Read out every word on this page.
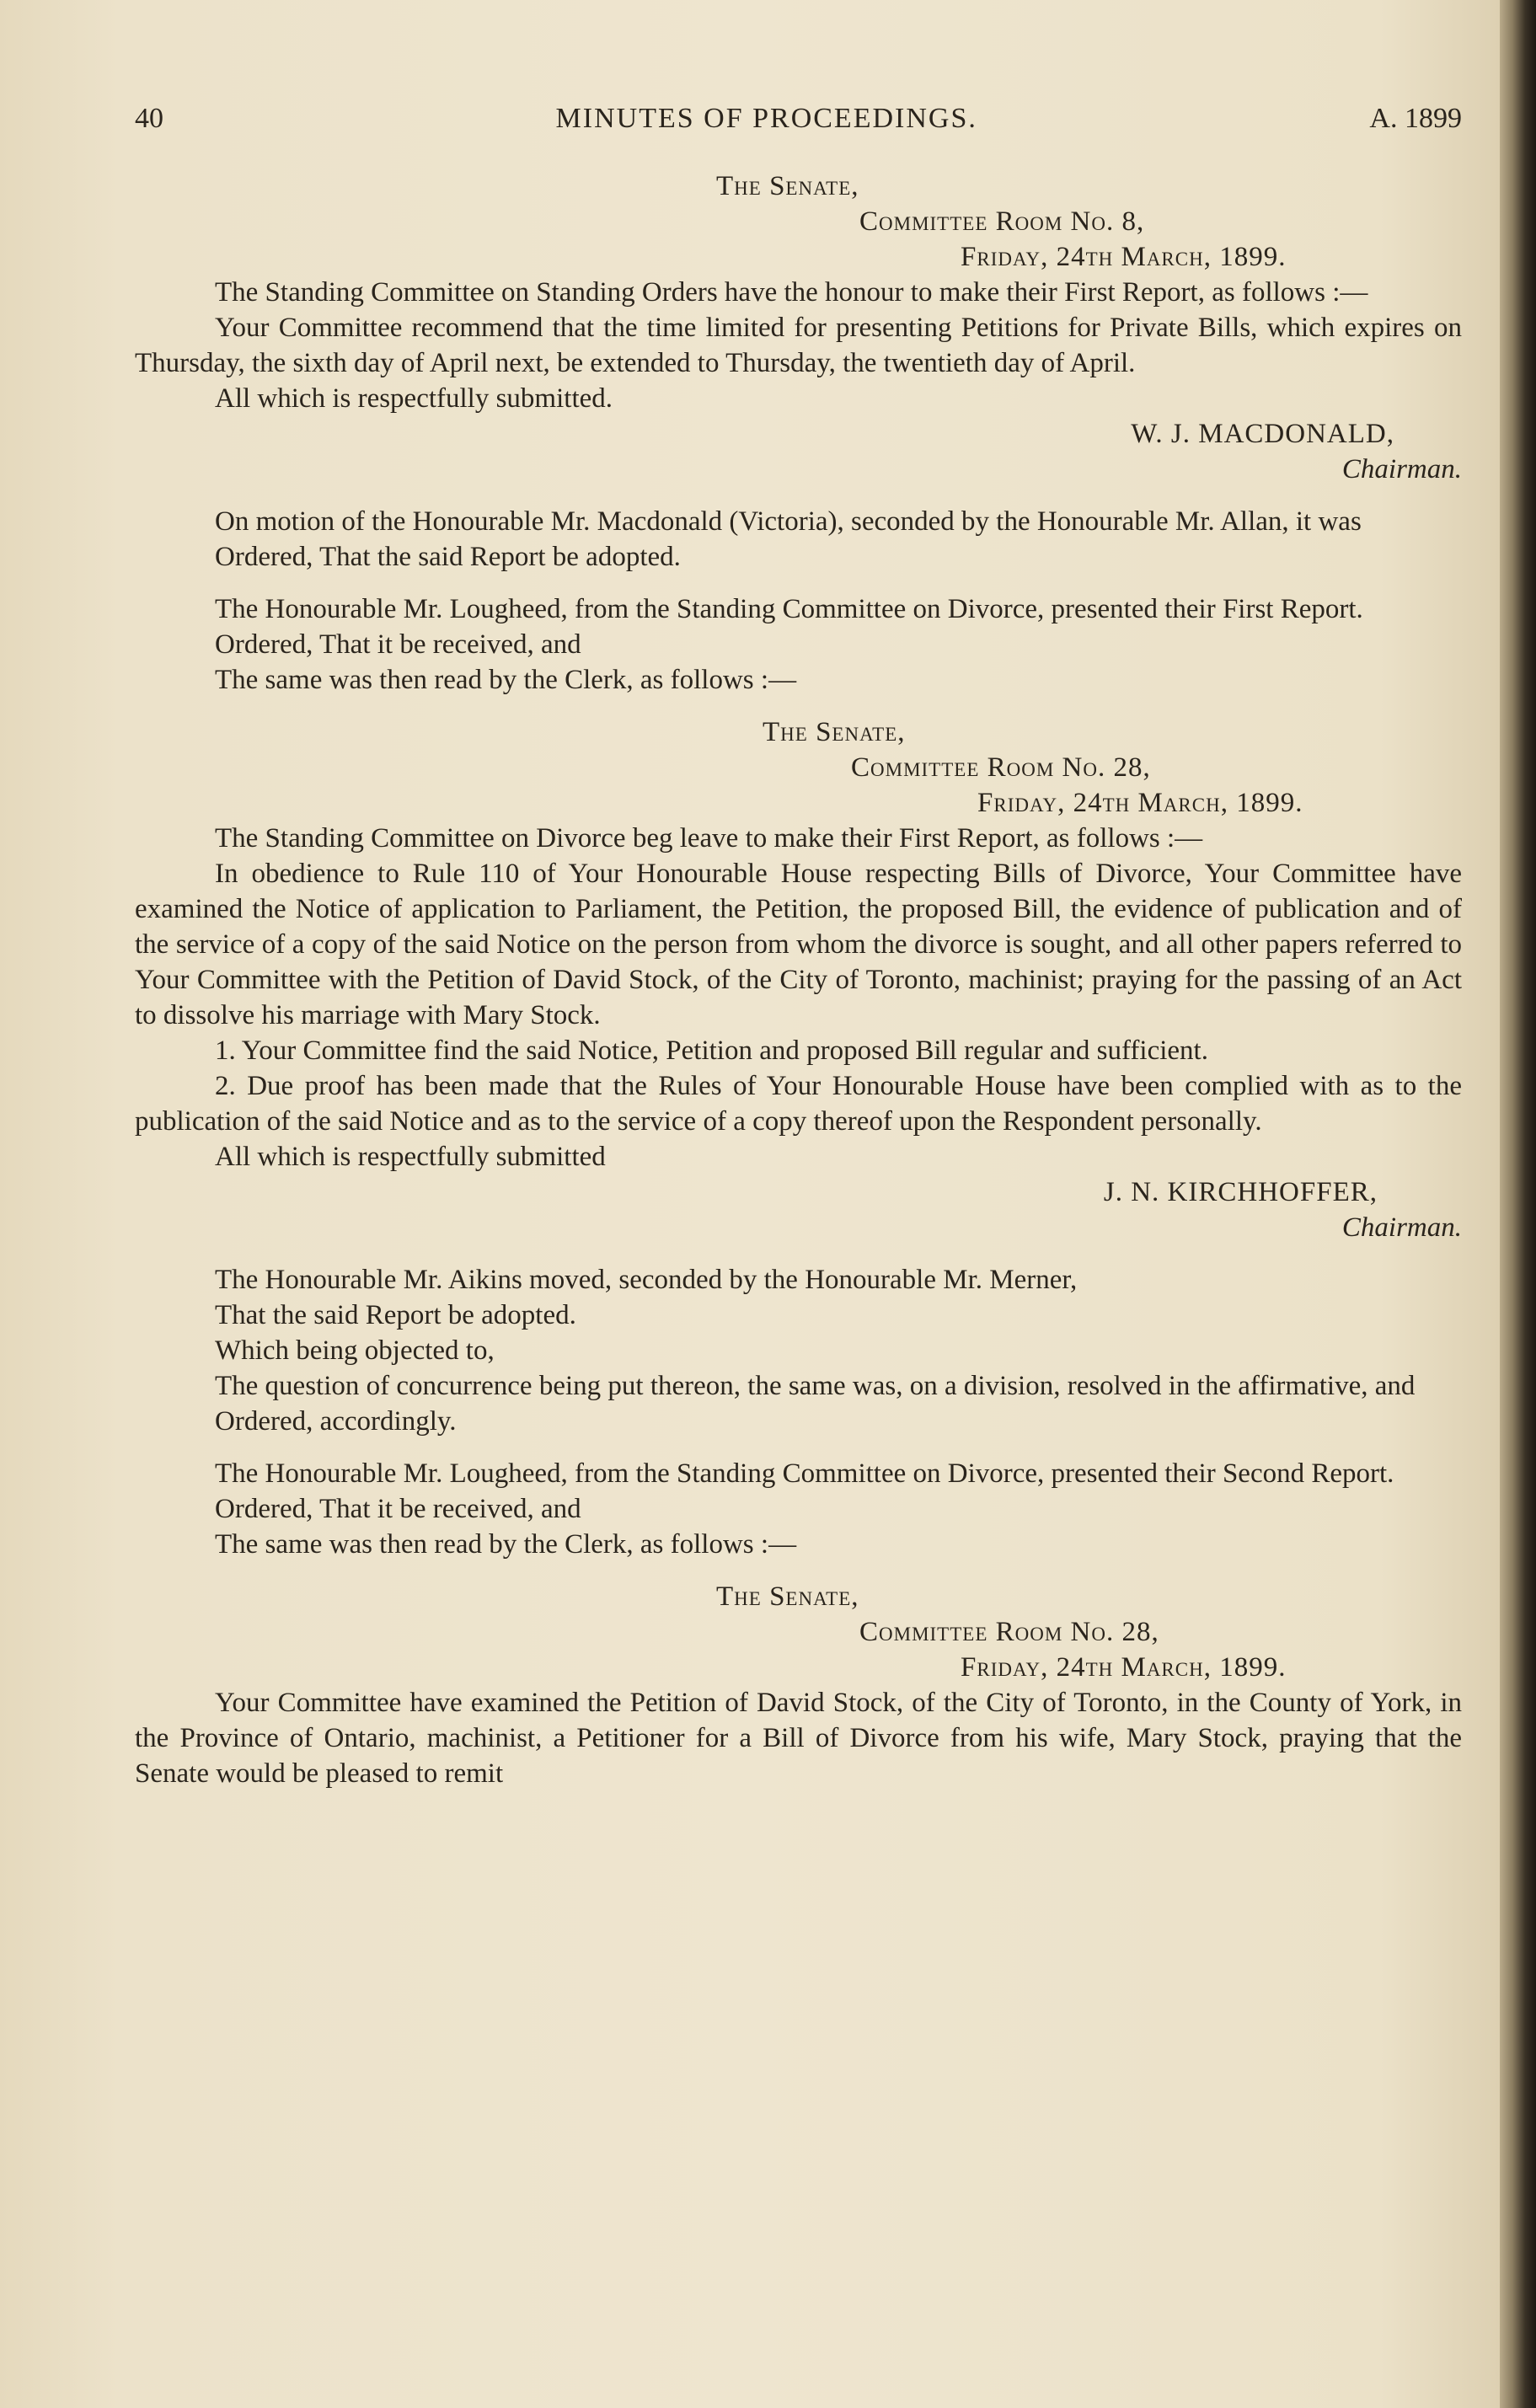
40	MINUTES OF PROCEEDINGS.	A. 1899
The Senate,
Committee Room No. 8,
Friday, 24th March, 1899.

The Standing Committee on Standing Orders have the honour to make their First Report, as follows :—

Your Committee recommend that the time limited for presenting Petitions for Private Bills, which expires on Thursday, the sixth day of April next, be extended to Thursday, the twentieth day of April.

All which is respectfully submitted.

W. J. MACDONALD,
Chairman.

On motion of the Honourable Mr. Macdonald (Victoria), seconded by the Honourable Mr. Allan, it was

Ordered, That the said Report be adopted.

The Honourable Mr. Lougheed, from the Standing Committee on Divorce, presented their First Report.

Ordered, That it be received, and

The same was then read by the Clerk, as follows :—

The Senate,
Committee Room No. 28,
Friday, 24th March, 1899.

The Standing Committee on Divorce beg leave to make their First Report, as follows :—

In obedience to Rule 110 of Your Honourable House respecting Bills of Divorce, Your Committee have examined the Notice of application to Parliament, the Petition, the proposed Bill, the evidence of publication and of the service of a copy of the said Notice on the person from whom the divorce is sought, and all other papers referred to Your Committee with the Petition of David Stock, of the City of Toronto, machinist; praying for the passing of an Act to dissolve his marriage with Mary Stock.

1. Your Committee find the said Notice, Petition and proposed Bill regular and sufficient.

2. Due proof has been made that the Rules of Your Honourable House have been complied with as to the publication of the said Notice and as to the service of a copy thereof upon the Respondent personally.

All which is respectfully submitted

J. N. KIRCHHOFFER,
Chairman.

The Honourable Mr. Aikins moved, seconded by the Honourable Mr. Merner,

That the said Report be adopted.

Which being objected to,

The question of concurrence being put thereon, the same was, on a division, resolved in the affirmative, and

Ordered, accordingly.

The Honourable Mr. Lougheed, from the Standing Committee on Divorce, presented their Second Report.

Ordered, That it be received, and

The same was then read by the Clerk, as follows :—

The Senate,
Committee Room No. 28,
Friday, 24th March, 1899.

Your Committee have examined the Petition of David Stock, of the City of Toronto, in the County of York, in the Province of Ontario, machinist, a Petitioner for a Bill of Divorce from his wife, Mary Stock, praying that the Senate would be pleased to remit
